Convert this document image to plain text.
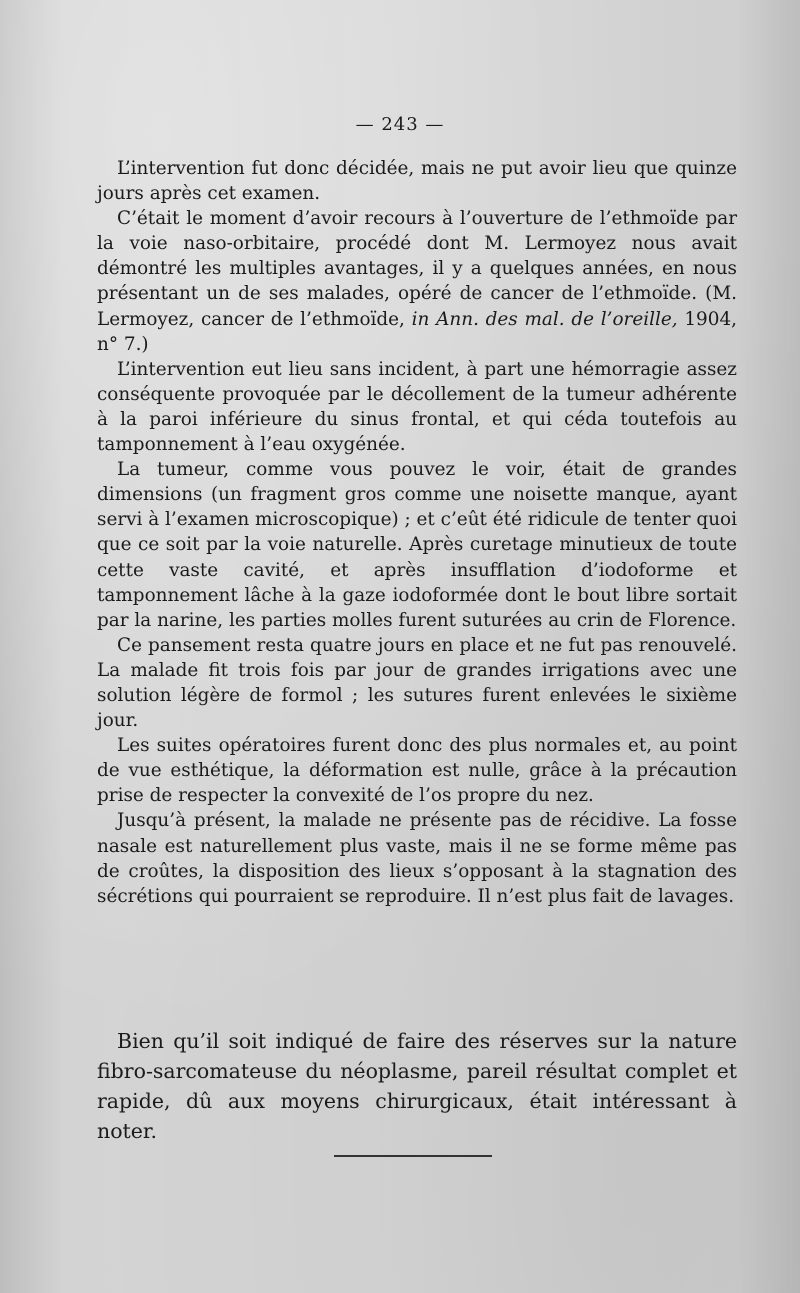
— 243 —

L’intervention fut donc décidée, mais ne put avoir lieu que quinze jours après cet examen.

C’était le moment d’avoir recours à l’ouverture de l’ethmoïde par la voie naso-orbitaire, procédé dont M. Lermoyez nous avait démontré les multiples avantages, il y a quelques années, en nous présentant un de ses malades, opéré de cancer de l’ethmoïde. (M. Lermoyez, cancer de l’ethmoïde, in Ann. des mal. de l’oreille, 1904, n° 7.)

L’intervention eut lieu sans incident, à part une hémorragie assez conséquente provoquée par le décollement de la tumeur adhérente à la paroi inférieure du sinus frontal, et qui céda toutefois au tamponnement à l’eau oxygénée.

La tumeur, comme vous pouvez le voir, était de grandes dimensions (un fragment gros comme une noisette manque, ayant servi à l’examen microscopique) ; et c’eût été ridicule de tenter quoi que ce soit par la voie naturelle. Après curetage minutieux de toute cette vaste cavité, et après insufflation d’iodoforme et tamponnement lâche à la gaze iodoformée dont le bout libre sortait par la narine, les parties molles furent suturées au crin de Florence.

Ce pansement resta quatre jours en place et ne fut pas renouvelé. La malade fit trois fois par jour de grandes irrigations avec une solution légère de formol ; les sutures furent enlevées le sixième jour.

Les suites opératoires furent donc des plus normales et, au point de vue esthétique, la déformation est nulle, grâce à la précaution prise de respecter la convexité de l’os propre du nez.

Jusqu’à présent, la malade ne présente pas de récidive. La fosse nasale est naturellement plus vaste, mais il ne se forme même pas de croûtes, la disposition des lieux s’opposant à la stagnation des sécrétions qui pourraient se reproduire. Il n’est plus fait de lavages.

Bien qu’il soit indiqué de faire des réserves sur la nature fibro-sarcomateuse du néoplasme, pareil résultat complet et rapide, dû aux moyens chirurgicaux, était intéressant à noter.
